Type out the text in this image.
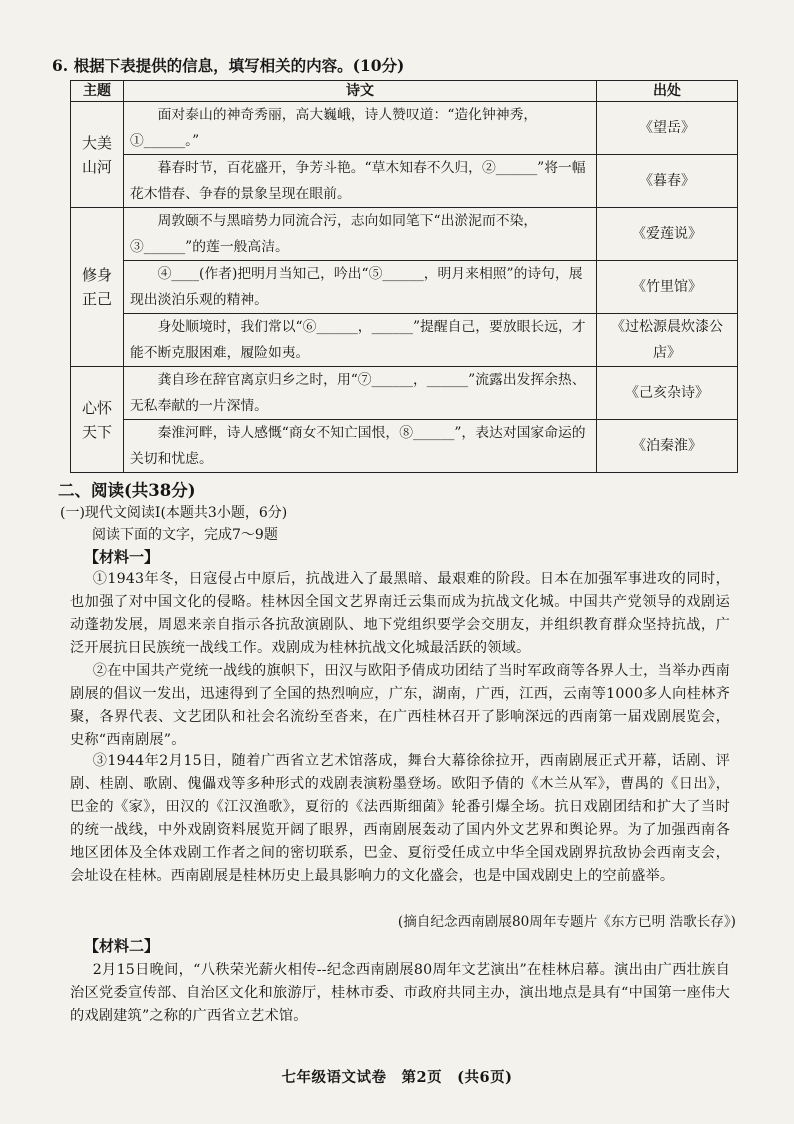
6. 根据下表提供的信息，填写相关的内容。(10分)
主题	诗文	出处

大美
山河	面对泰山的神奇秀丽，高大巍峨，诗人赞叹道：“造化钟神秀，①______。”	《望岳》
	暮春时节，百花盛开，争芳斗艳。“草木知春不久归，②______”将一幅花木惜春、争春的景象呈现在眼前。	《暮春》

修身
正己	周敦颐不与黑暗势力同流合污，志向如同笔下“出淤泥而不染，③______”的莲一般高洁。	《爱莲说》
	④____(作者)把明月当知己，吟出“⑤______，明月来相照”的诗句，展现出淡泊乐观的精神。	《竹里馆》
	身处顺境时，我们常以“⑥______，______”提醒自己，要放眼长远，才能不断克服困难，履险如夷。	《过松源晨炊漆公店》

心怀
天下	龚自珍在辞官离京归乡之时，用“⑦______，______”流露出发挥余热、无私奉献的一片深情。	《己亥杂诗》
	秦淮河畔，诗人感慨“商女不知亡国恨，⑧______”，表达对国家命运的关切和忧虑。	《泊秦淮》
二、阅读(共38分)
(一)现代文阅读Ⅰ(本题共3小题，6分)
阅读下面的文字，完成7～9题
【材料一】
①1943年冬，日寇侵占中原后，抗战进入了最黑暗、最艰难的阶段。日本在加强军事进攻的同时，也加强了对中国文化的侵略。桂林因全国文艺界南迁云集而成为抗战文化城。中国共产党领导的戏剧运动蓬勃发展，周恩来亲自指示各抗敌演剧队、地下党组织要学会交朋友，并组织教育群众坚持抗战，广泛开展抗日民族统一战线工作。戏剧成为桂林抗战文化城最活跃的领域。
②在中国共产党统一战线的旗帜下，田汉与欧阳予倩成功团结了当时军政商等各界人士，当举办西南剧展的倡议一发出，迅速得到了全国的热烈响应，广东，湖南，广西，江西，云南等1000多人向桂林齐聚，各界代表、文艺团队和社会名流纷至沓来，在广西桂林召开了影响深远的西南第一届戏剧展览会，史称“西南剧展”。
③1944年2月15日，随着广西省立艺术馆落成，舞台大幕徐徐拉开，西南剧展正式开幕，话剧、评剧、桂剧、歌剧、傀儡戏等多种形式的戏剧表演粉墨登场。欧阳予倩的《木兰从军》，曹禺的《日出》，巴金的《家》，田汉的《江汉渔歌》，夏衍的《法西斯细菌》轮番引爆全场。抗日戏剧团结和扩大了当时的统一战线，中外戏剧资料展览开阔了眼界，西南剧展轰动了国内外文艺界和舆论界。为了加强西南各地区团体及全体戏剧工作者之间的密切联系，巴金、夏衍受任成立中华全国戏剧界抗敌协会西南支会，会址设在桂林。西南剧展是桂林历史上最具影响力的文化盛会，也是中国戏剧史上的空前盛举。
(摘自纪念西南剧展80周年专题片《东方已明 浩歌长存》)
【材料二】
2月15日晚间，“八秩荣光薪火相传--纪念西南剧展80周年文艺演出”在桂林启幕。演出由广西壮族自治区党委宣传部、自治区文化和旅游厅，桂林市委、市政府共同主办，演出地点是具有“中国第一座伟大的戏剧建筑”之称的广西省立艺术馆。
七年级语文试卷　第2页　(共6页)
